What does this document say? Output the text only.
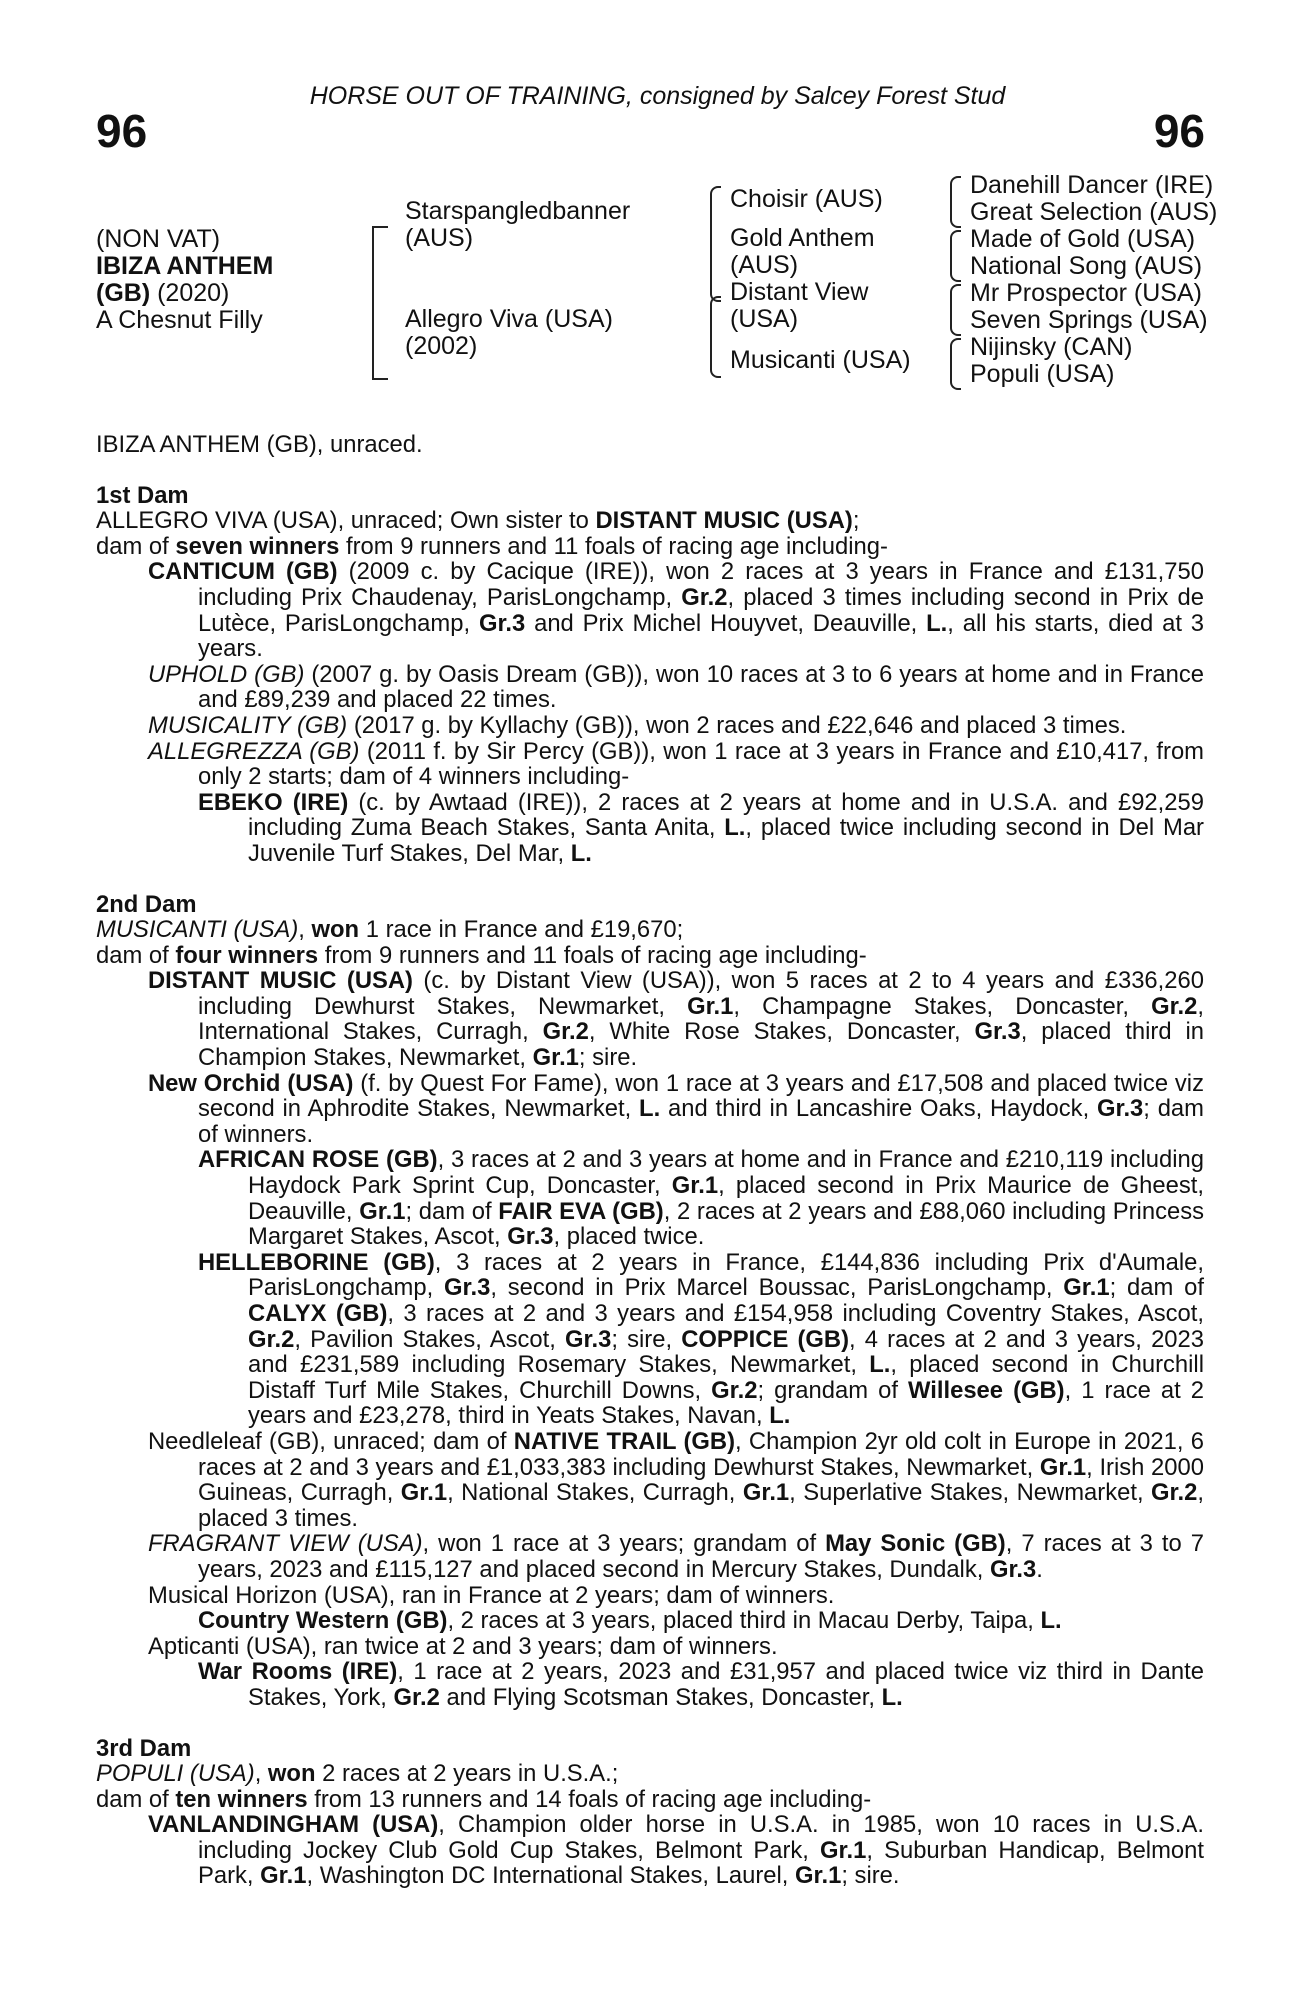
96	96
HORSE OUT OF TRAINING, consigned by Salcey Forest Stud
(NON VAT)
IBIZA ANTHEM
(GB) (2020)
A Chesnut Filly
Starspangledbanner
(AUS)
Allegro Viva (USA)
(2002)
Choisir (AUS)
Gold Anthem
(AUS)
Distant View
(USA)
Musicanti (USA)
Danehill Dancer (IRE)
Great Selection (AUS)
Made of Gold (USA)
National Song (AUS)
Mr Prospector (USA)
Seven Springs (USA)
Nijinsky (CAN)
Populi (USA)

IBIZA ANTHEM (GB), unraced.

1st Dam

ALLEGRO VIVA (USA), unraced; Own sister to DISTANT MUSIC (USA);

dam of seven winners from 9 runners and 11 foals of racing age including-

CANTICUM (GB) (2009 c. by Cacique (IRE)), won 2 races at 3 years in France and £131,750 including Prix Chaudenay, ParisLongchamp, Gr.2, placed 3 times including second in Prix de Lutèce, ParisLongchamp, Gr.3 and Prix Michel Houyvet, Deauville, L., all his starts, died at 3 years.

UPHOLD (GB) (2007 g. by Oasis Dream (GB)), won 10 races at 3 to 6 years at home and in France and £89,239 and placed 22 times.

MUSICALITY (GB) (2017 g. by Kyllachy (GB)), won 2 races and £22,646 and placed 3 times.

ALLEGREZZA (GB) (2011 f. by Sir Percy (GB)), won 1 race at 3 years in France and £10,417, from only 2 starts; dam of 4 winners including-

EBEKO (IRE) (c. by Awtaad (IRE)), 2 races at 2 years at home and in U.S.A. and £92,259 including Zuma Beach Stakes, Santa Anita, L., placed twice including second in Del Mar Juvenile Turf Stakes, Del Mar, L.

2nd Dam

MUSICANTI (USA), won 1 race in France and £19,670;

dam of four winners from 9 runners and 11 foals of racing age including-

DISTANT MUSIC (USA) (c. by Distant View (USA)), won 5 races at 2 to 4 years and £336,260 including Dewhurst Stakes, Newmarket, Gr.1, Champagne Stakes, Doncaster, Gr.2, International Stakes, Curragh, Gr.2, White Rose Stakes, Doncaster, Gr.3, placed third in Champion Stakes, Newmarket, Gr.1; sire.

New Orchid (USA) (f. by Quest For Fame), won 1 race at 3 years and £17,508 and placed twice viz second in Aphrodite Stakes, Newmarket, L. and third in Lancashire Oaks, Haydock, Gr.3; dam of winners.

AFRICAN ROSE (GB), 3 races at 2 and 3 years at home and in France and £210,119 including Haydock Park Sprint Cup, Doncaster, Gr.1, placed second in Prix Maurice de Gheest, Deauville, Gr.1; dam of FAIR EVA (GB), 2 races at 2 years and £88,060 including Princess Margaret Stakes, Ascot, Gr.3, placed twice.

HELLEBORINE (GB), 3 races at 2 years in France, £144,836 including Prix d'Aumale, ParisLongchamp, Gr.3, second in Prix Marcel Boussac, ParisLongchamp, Gr.1; dam of CALYX (GB), 3 races at 2 and 3 years and £154,958 including Coventry Stakes, Ascot, Gr.2, Pavilion Stakes, Ascot, Gr.3; sire, COPPICE (GB), 4 races at 2 and 3 years, 2023 and £231,589 including Rosemary Stakes, Newmarket, L., placed second in Churchill Distaff Turf Mile Stakes, Churchill Downs, Gr.2; grandam of Willesee (GB), 1 race at 2 years and £23,278, third in Yeats Stakes, Navan, L.

Needleleaf (GB), unraced; dam of NATIVE TRAIL (GB), Champion 2yr old colt in Europe in 2021, 6 races at 2 and 3 years and £1,033,383 including Dewhurst Stakes, Newmarket, Gr.1, Irish 2000 Guineas, Curragh, Gr.1, National Stakes, Curragh, Gr.1, Superlative Stakes, Newmarket, Gr.2, placed 3 times.

FRAGRANT VIEW (USA), won 1 race at 3 years; grandam of May Sonic (GB), 7 races at 3 to 7 years, 2023 and £115,127 and placed second in Mercury Stakes, Dundalk, Gr.3.

Musical Horizon (USA), ran in France at 2 years; dam of winners.

Country Western (GB), 2 races at 3 years, placed third in Macau Derby, Taipa, L.

Apticanti (USA), ran twice at 2 and 3 years; dam of winners.

War Rooms (IRE), 1 race at 2 years, 2023 and £31,957 and placed twice viz third in Dante Stakes, York, Gr.2 and Flying Scotsman Stakes, Doncaster, L.

3rd Dam

POPULI (USA), won 2 races at 2 years in U.S.A.;

dam of ten winners from 13 runners and 14 foals of racing age including-

VANLANDINGHAM (USA), Champion older horse in U.S.A. in 1985, won 10 races in U.S.A. including Jockey Club Gold Cup Stakes, Belmont Park, Gr.1, Suburban Handicap, Belmont Park, Gr.1, Washington DC International Stakes, Laurel, Gr.1; sire.
